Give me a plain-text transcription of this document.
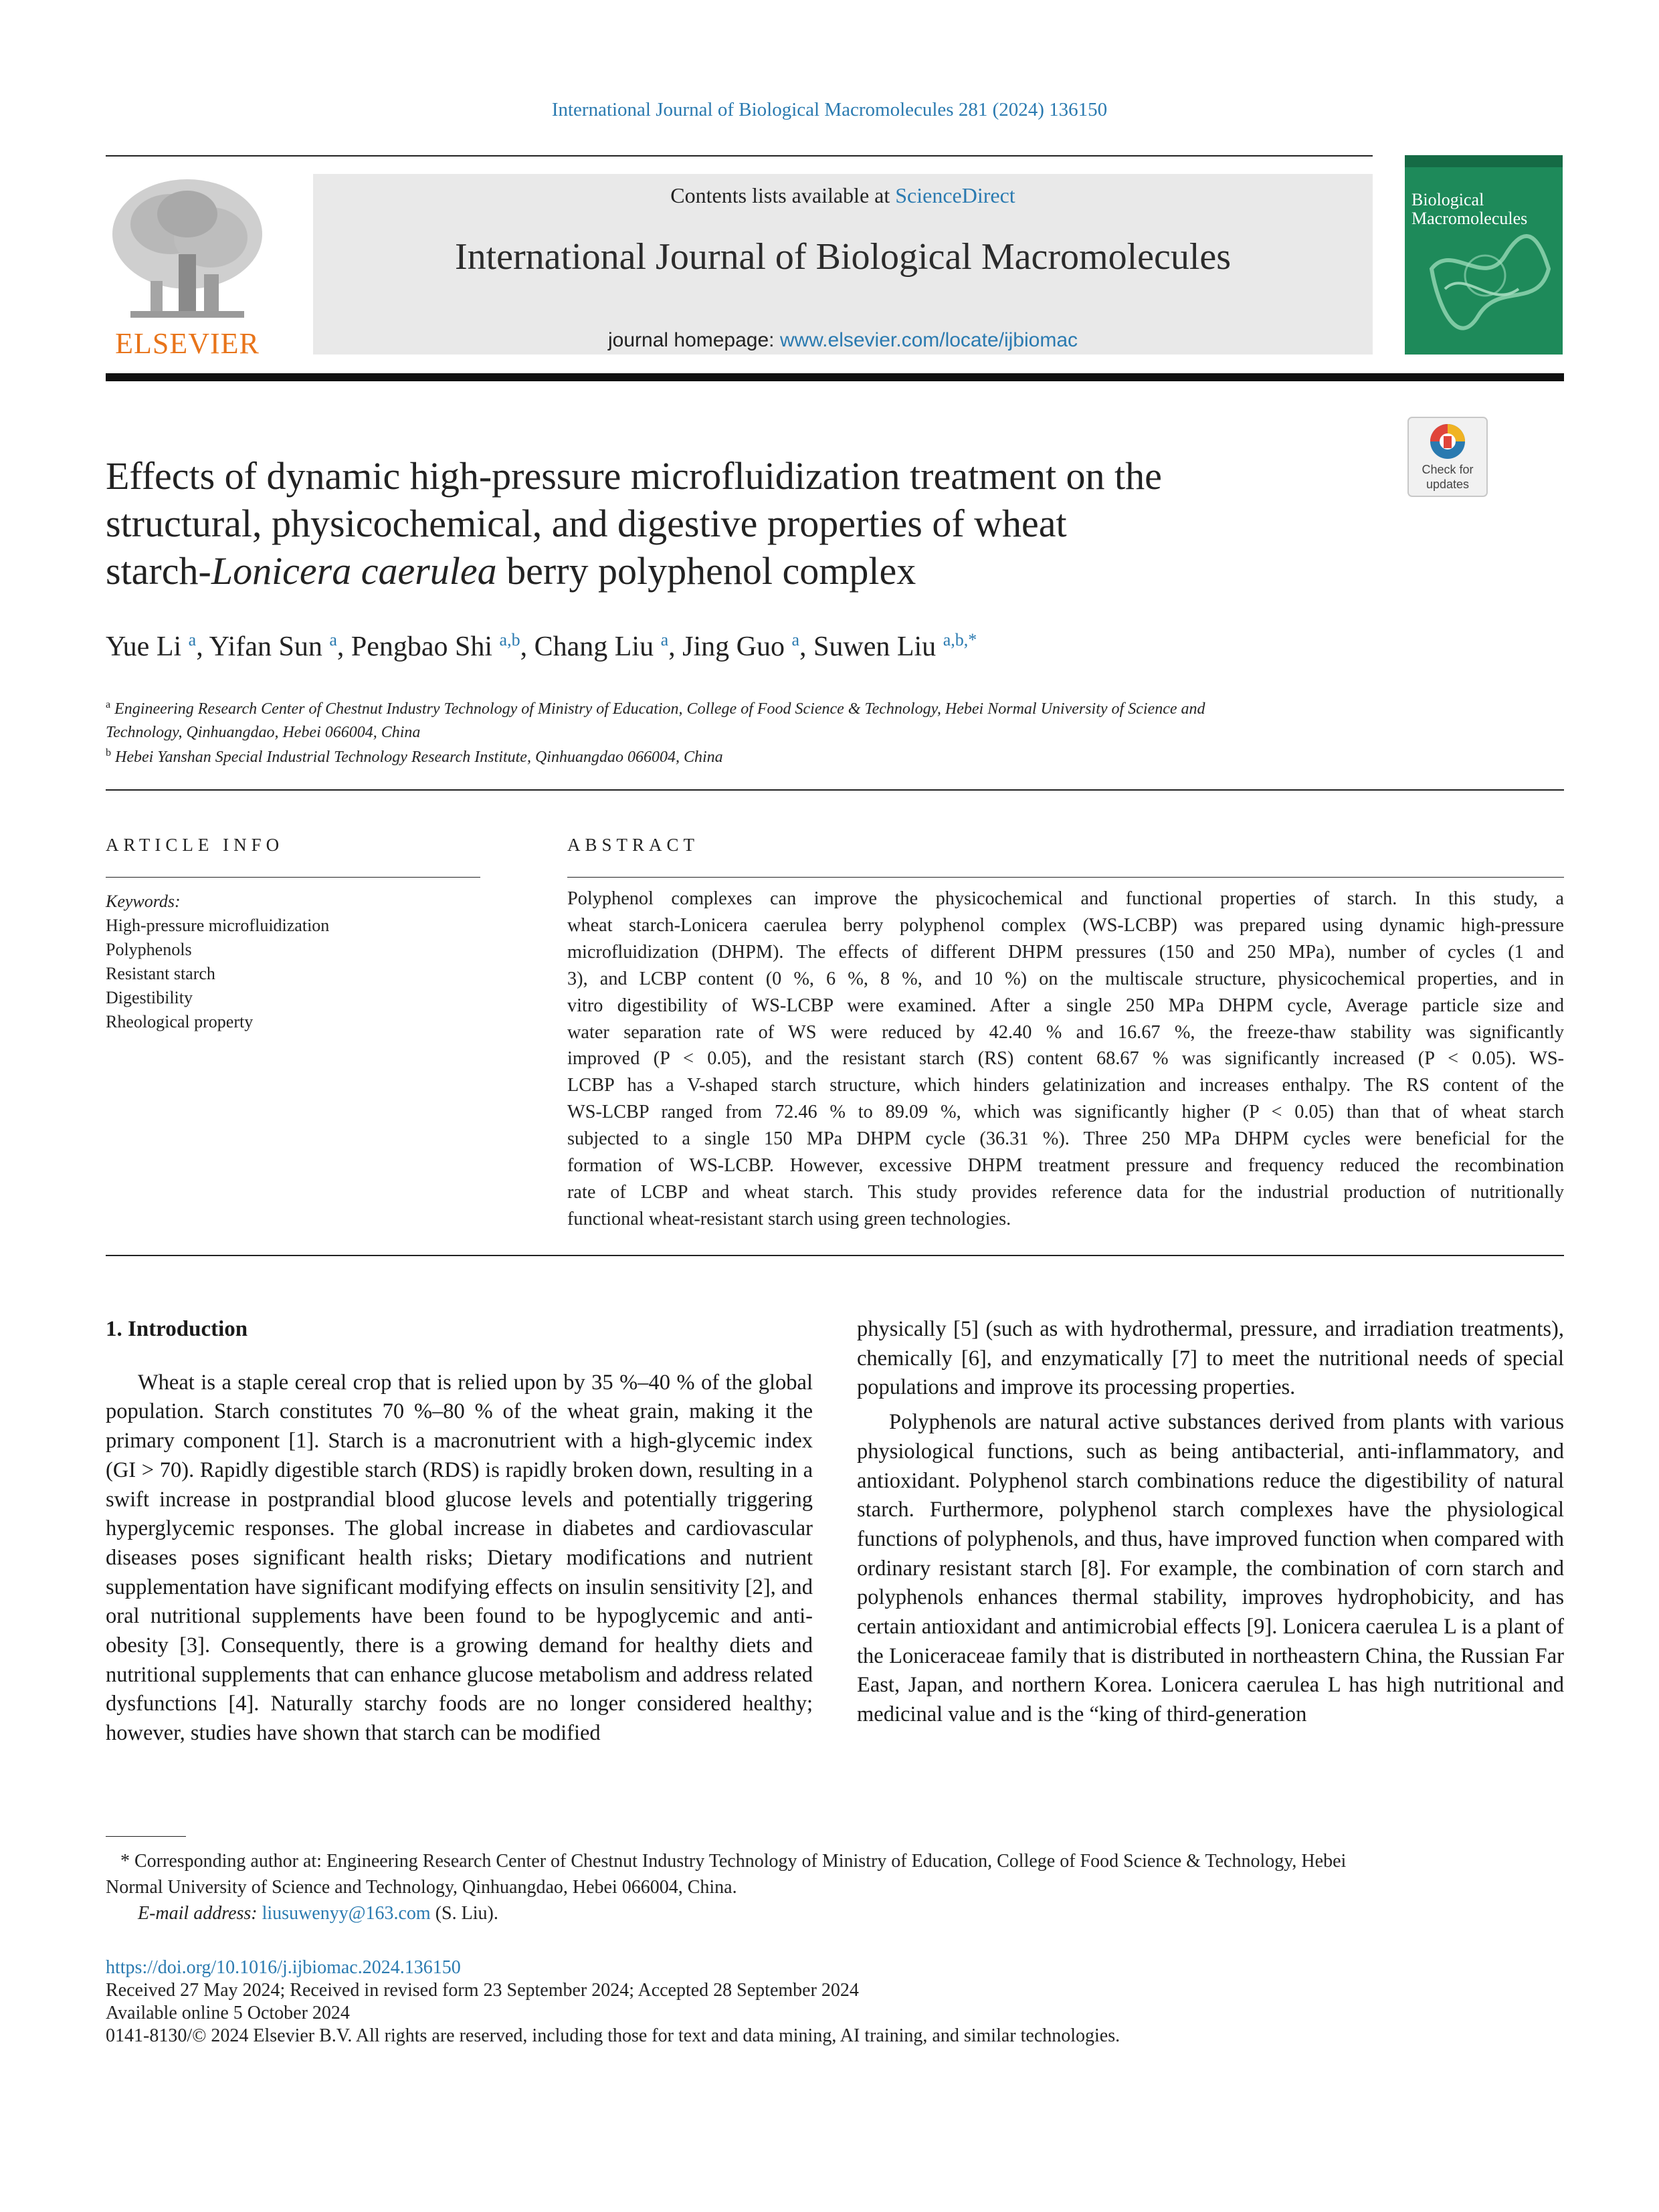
International Journal of Biological Macromolecules 281 (2024) 136150
ELSEVIER
Contents lists available at ScienceDirect
International Journal of Biological Macromolecules
journal homepage: www.elsevier.com/locate/ijbiomac
Biological
Macromolecules
Check for
updates
Effects of dynamic high-pressure microfluidization treatment on the
structural, physicochemical, and digestive properties of wheat
starch-Lonicera caerulea berry polyphenol complex
Yue Li $^a$, Yifan Sun $^a$, Pengbao Shi $^{a,b}$, Chang Liu $^a$, Jing Guo $^a$, Suwen Liu $^{a,b,*}$
$^a$ Engineering Research Center of Chestnut Industry Technology of Ministry of Education, College of Food Science & Technology, Hebei Normal University of Science and
Technology, Qinhuangdao, Hebei 066004, China
$^b$ Hebei Yanshan Special Industrial Technology Research Institute, Qinhuangdao 066004, China
ARTICLE INFO
Keywords:
High-pressure microfluidization
Polyphenols
Resistant starch
Digestibility
Rheological property
ABSTRACT
Polyphenol complexes can improve the physicochemical and functional properties of starch. In this study, a
wheat starch-Lonicera caerulea berry polyphenol complex (WS-LCBP) was prepared using dynamic high-pressure
microfluidization (DHPM). The effects of different DHPM pressures (150 and 250 MPa), number of cycles (1 and
3), and LCBP content (0 %, 6 %, 8 %, and 10 %) on the multiscale structure, physicochemical properties, and in
vitro digestibility of WS-LCBP were examined. After a single 250 MPa DHPM cycle, Average particle size and
water separation rate of WS were reduced by 42.40 % and 16.67 %, the freeze-thaw stability was significantly
improved (P < 0.05), and the resistant starch (RS) content 68.67 % was significantly increased (P < 0.05). WS-
LCBP has a V-shaped starch structure, which hinders gelatinization and increases enthalpy. The RS content of the
WS-LCBP ranged from 72.46 % to 89.09 %, which was significantly higher (P < 0.05) than that of wheat starch
subjected to a single 150 MPa DHPM cycle (36.31 %). Three 250 MPa DHPM cycles were beneficial for the
formation of WS-LCBP. However, excessive DHPM treatment pressure and frequency reduced the recombination
rate of LCBP and wheat starch. This study provides reference data for the industrial production of nutritionally
functional wheat-resistant starch using green technologies.
1. Introduction

Wheat is a staple cereal crop that is relied upon by 35 %–40 % of the global population. Starch constitutes 70 %–80 % of the wheat grain, making it the primary component [1]. Starch is a macronutrient with a high-glycemic index (GI > 70). Rapidly digestible starch (RDS) is rapidly broken down, resulting in a swift increase in postprandial blood glucose levels and potentially triggering hyperglycemic responses. The global increase in diabetes and cardiovascular diseases poses significant health risks; Dietary modifications and nutrient supplementation have significant modifying effects on insulin sensitivity [2], and oral nutritional supplements have been found to be hypoglycemic and anti-obesity [3]. Consequently, there is a growing demand for healthy diets and nutritional supplements that can enhance glucose metabolism and address related dysfunctions [4]. Naturally starchy foods are no longer considered healthy; however, studies have shown that starch can be modified

physically [5] (such as with hydrothermal, pressure, and irradiation treatments), chemically [6], and enzymatically [7] to meet the nutritional needs of special populations and improve its processing properties.

Polyphenols are natural active substances derived from plants with various physiological functions, such as being antibacterial, anti-inflammatory, and antioxidant. Polyphenol starch combinations reduce the digestibility of natural starch. Furthermore, polyphenol starch complexes have the physiological functions of polyphenols, and thus, have improved function when compared with ordinary resistant starch [8]. For example, the combination of corn starch and polyphenols enhances thermal stability, improves hydrophobicity, and has certain antioxidant and antimicrobial effects [9]. Lonicera caerulea L is a plant of the Loniceraceae family that is distributed in northeastern China, the Russian Far East, Japan, and northern Korea. Lonicera caerulea L has high nutritional and medicinal value and is the “king of third-generation

* Corresponding author at: Engineering Research Center of Chestnut Industry Technology of Ministry of Education, College of Food Science & Technology, Hebei
Normal University of Science and Technology, Qinhuangdao, Hebei 066004, China.
E-mail address: liusuwenyy@163.com (S. Liu).
https://doi.org/10.1016/j.ijbiomac.2024.136150
Received 27 May 2024; Received in revised form 23 September 2024; Accepted 28 September 2024
Available online 5 October 2024
0141-8130/© 2024 Elsevier B.V. All rights are reserved, including those for text and data mining, AI training, and similar technologies.
